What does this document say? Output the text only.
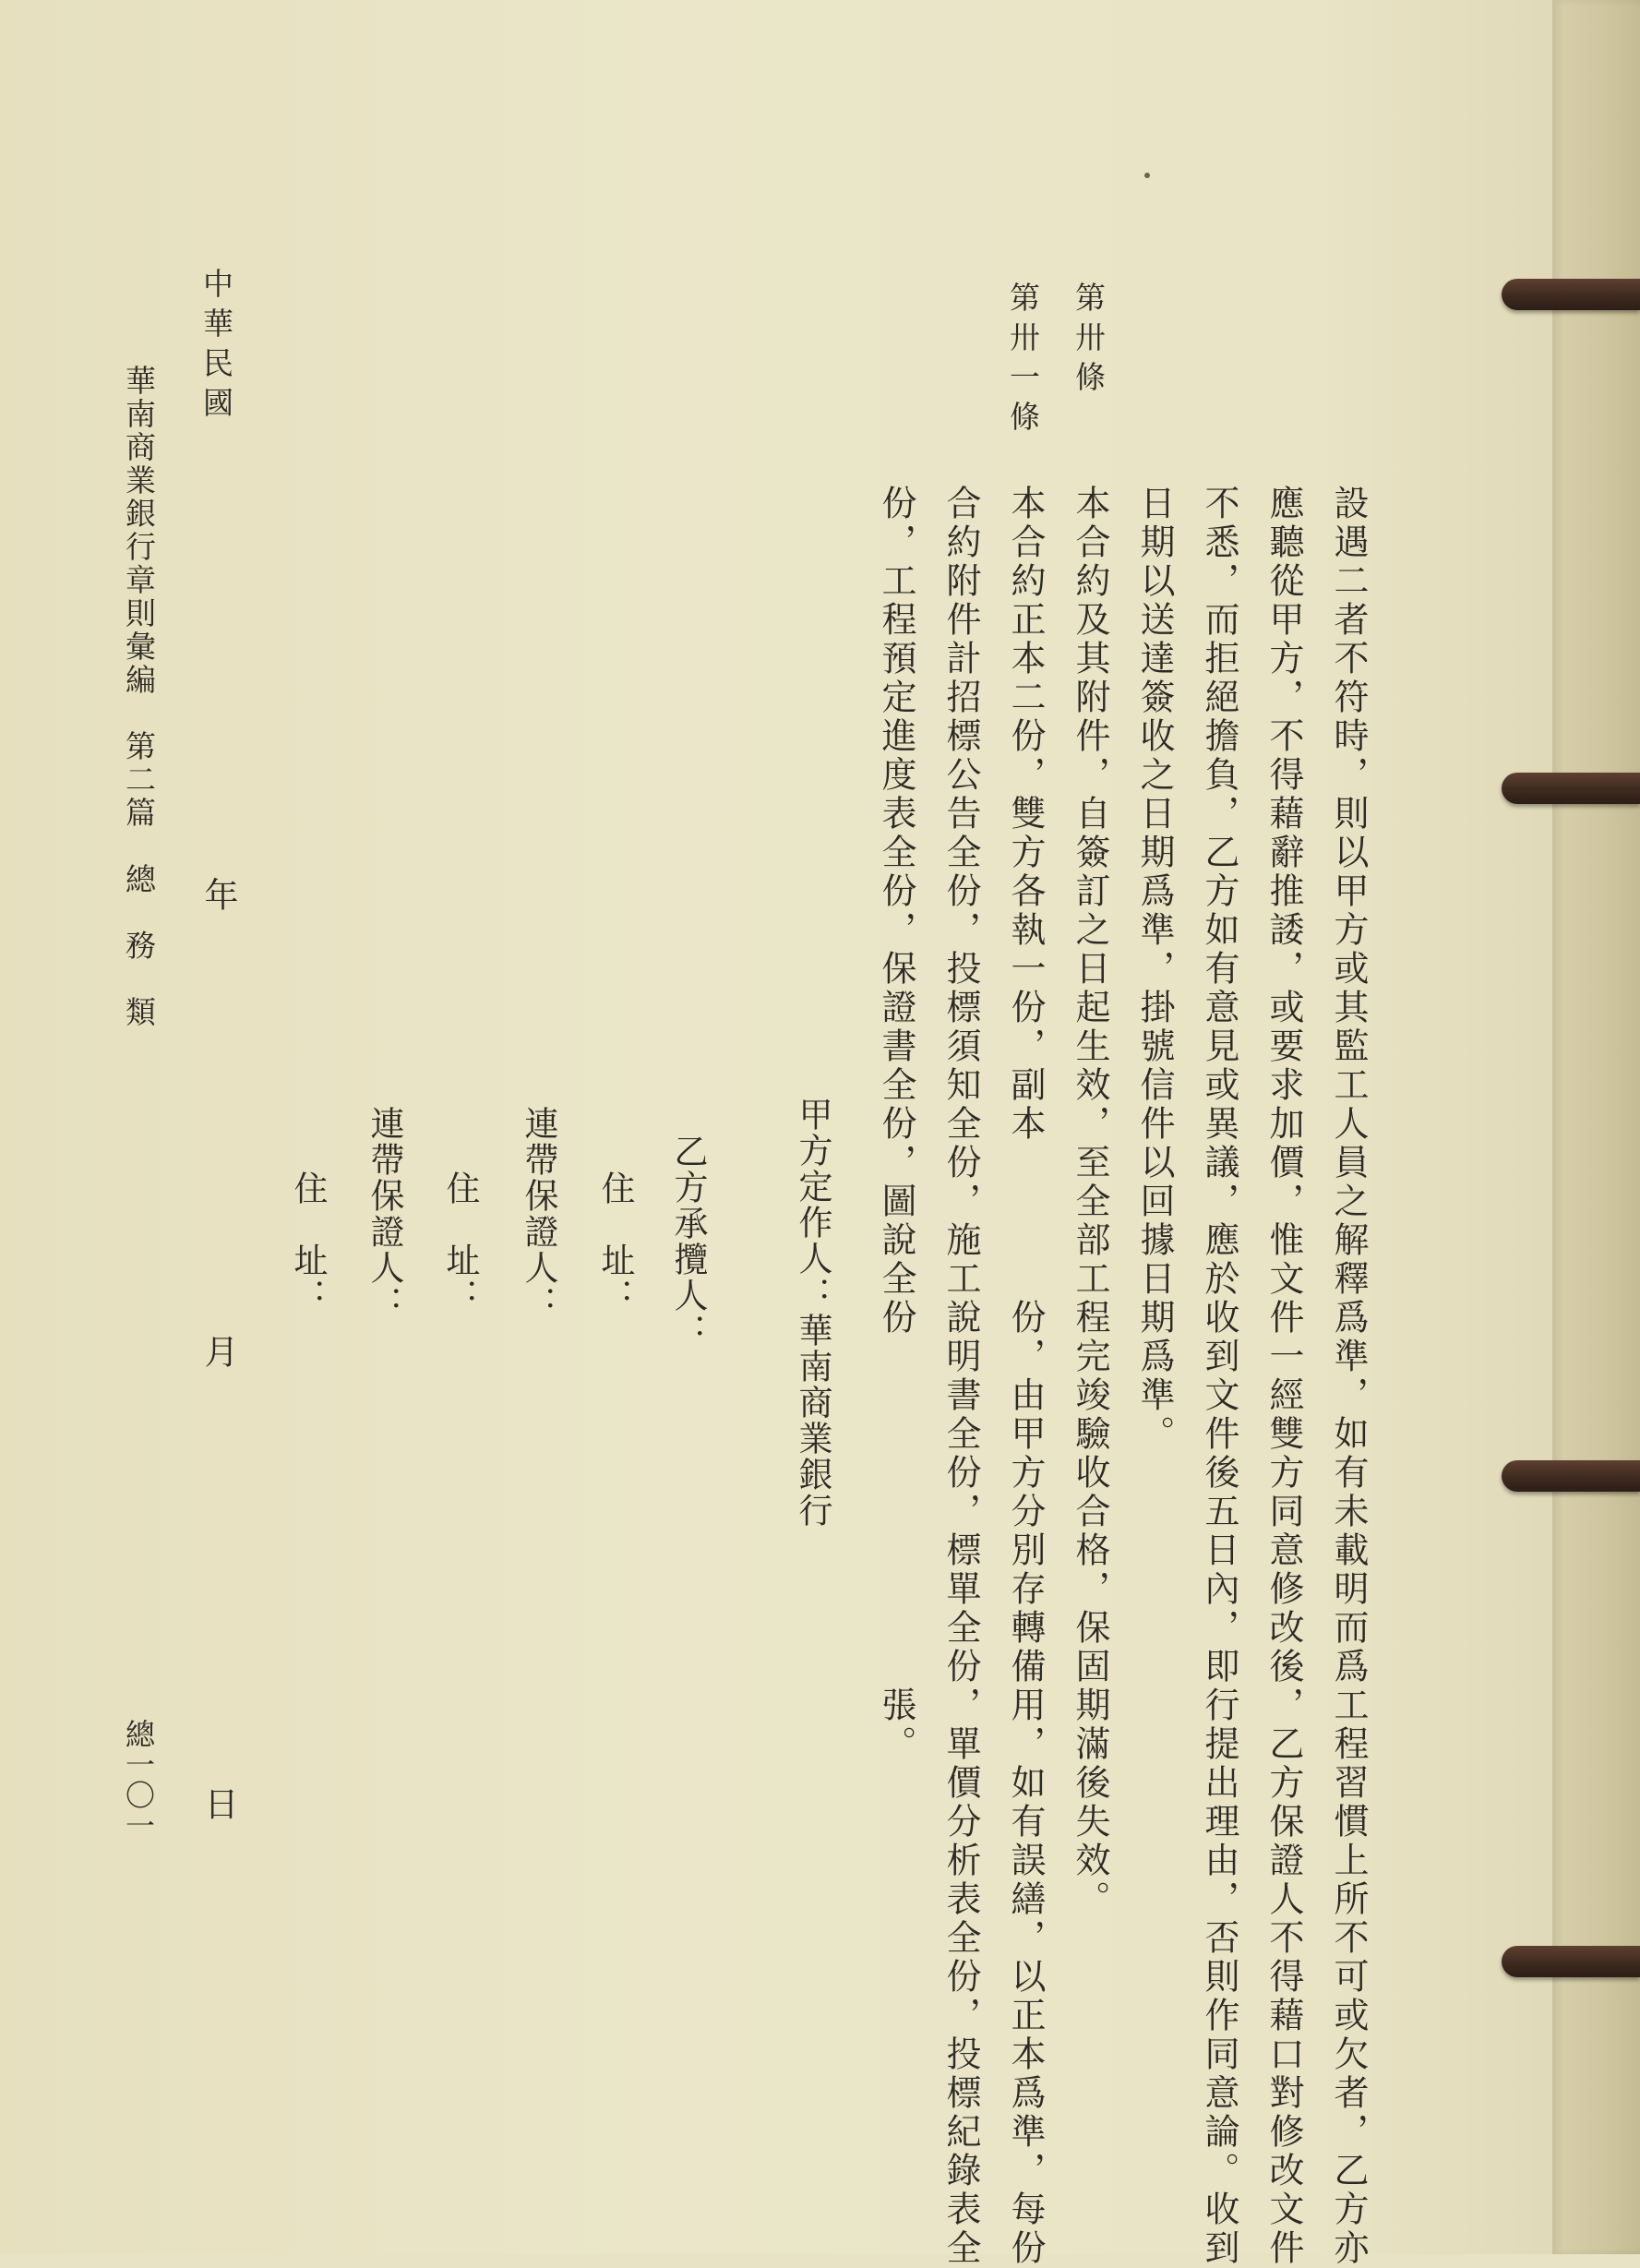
設遇二者不符時，則以甲方或其監工人員之解釋爲準，如有未載明而爲工程習慣上所不可或欠者，乙方亦
應聽從甲方，不得藉辭推諉，或要求加價，惟文件一經雙方同意修改後，乙方保證人不得藉口對修改文件
不悉，而拒絕擔負，乙方如有意見或異議，應於收到文件後五日內，即行提出理由，否則作同意論。收到
日期以送達簽收之日期爲準，掛號信件以回據日期爲準。
第卅條
本合約及其附件，自簽訂之日起生效，至全部工程完竣驗收合格，保固期滿後失效。
第卅一條
本合約正本二份，雙方各執一份，副本　　　　份，由甲方分別存轉備用，如有誤繕，以正本爲準，每份
合約附件計招標公告全份，投標須知全份，施工說明書全份，標單全份，單價分析表全份，投標紀錄表全
份，工程預定進度表全份，保證書全份，圖說全份　　　　　　　　　張。
甲方定作人：華南商業銀行
乙方承攬人：
住　址：
連帶保證人：
住　址：
連帶保證人：
住　址：
中華民國
年
月
日
華南商業銀行章則彙編　第二篇　總　務　類
總一〇一
